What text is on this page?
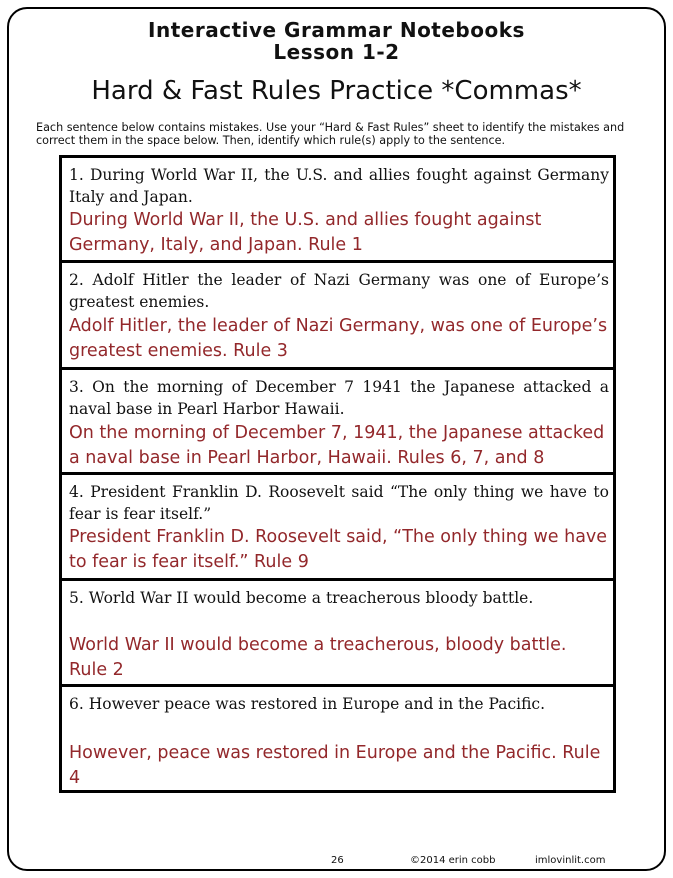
Interactive Grammar Notebooks
Lesson 1-2
Hard & Fast Rules Practice *Commas*
Each sentence below contains mistakes. Use your “Hard & Fast Rules” sheet to identify the mistakes and correct them in the space below. Then, identify which rule(s) apply to the sentence.
1. During World War II, the U.S. and allies fought against Germany Italy and Japan.
During World War II, the U.S. and allies fought against Germany, Italy, and Japan. Rule 1
2. Adolf Hitler the leader of Nazi Germany was one of Europe’s greatest enemies.
Adolf Hitler, the leader of Nazi Germany, was one of Europe’s greatest enemies. Rule 3
3. On the morning of December 7 1941 the Japanese attacked a naval base in Pearl Harbor Hawaii.
On the morning of December 7, 1941, the Japanese attacked a naval base in Pearl Harbor, Hawaii. Rules 6, 7, and 8
4. President Franklin D. Roosevelt said “The only thing we have to fear is fear itself.”
President Franklin D. Roosevelt said, “The only thing we have to fear is fear itself.” Rule 9
5. World War II would become a treacherous bloody battle.
World War II would become a treacherous, bloody battle. Rule 2
6. However peace was restored in Europe and in the Pacific.
However, peace was restored in Europe and the Pacific. Rule 4
26	©2014 erin cobb	imlovinlit.com
